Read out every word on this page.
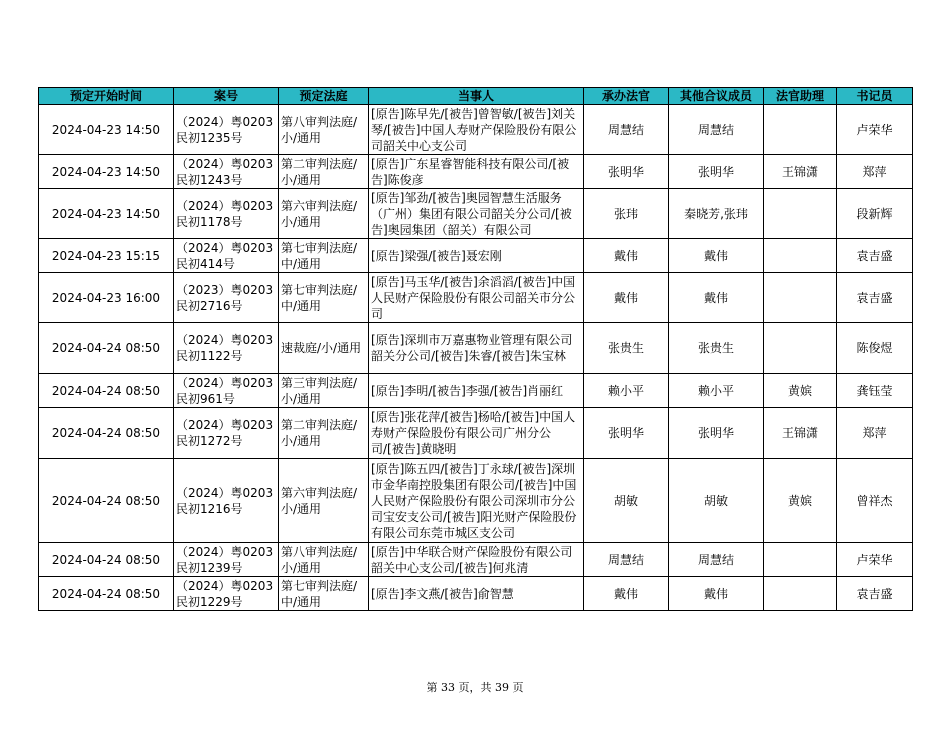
预定开始时间	案号	预定法庭	当事人	承办法官	其他合议成员	法官助理	书记员
2024-04-23 14:50	（2024）粤0203民初1235号	第八审判法庭/小/通用	[原告]陈早先/[被告]曾智敏/[被告]刘关琴/[被告]中国人寿财产保险股份有限公司韶关中心支公司	周慧结	周慧结		卢荣华
2024-04-23 14:50	（2024）粤0203民初1243号	第二审判法庭/小/通用	[原告]广东星睿智能科技有限公司/[被告]陈俊彦	张明华	张明华	王锦潇	郑萍
2024-04-23 14:50	（2024）粤0203民初1178号	第六审判法庭/小/通用	[原告]邹劲/[被告]奥园智慧生活服务（广州）集团有限公司韶关分公司/[被告]奥园集团（韶关）有限公司	张玮	秦晓芳,张玮		段新辉
2024-04-23 15:15	（2024）粤0203民初414号	第七审判法庭/中/通用	[原告]梁强/[被告]聂宏刚	戴伟	戴伟		袁吉盛
2024-04-23 16:00	（2023）粤0203民初2716号	第七审判法庭/中/通用	[原告]马玉华/[被告]余滔滔/[被告]中国人民财产保险股份有限公司韶关市分公司	戴伟	戴伟		袁吉盛
2024-04-24 08:50	（2024）粤0203民初1122号	速裁庭/小/通用	[原告]深圳市万嘉惠物业管理有限公司韶关分公司/[被告]朱睿/[被告]朱宝林	张贵生	张贵生		陈俊煜
2024-04-24 08:50	（2024）粤0203民初961号	第三审判法庭/小/通用	[原告]李明/[被告]李强/[被告]肖丽红	赖小平	赖小平	黄嫔	龚钰莹
2024-04-24 08:50	（2024）粤0203民初1272号	第二审判法庭/小/通用	[原告]张花萍/[被告]杨哈/[被告]中国人寿财产保险股份有限公司广州分公司/[被告]黄晓明	张明华	张明华	王锦潇	郑萍
2024-04-24 08:50	（2024）粤0203民初1216号	第六审判法庭/小/通用	[原告]陈五四/[被告]丁永球/[被告]深圳市金华南控股集团有限公司/[被告]中国人民财产保险股份有限公司深圳市分公司宝安支公司/[被告]阳光财产保险股份有限公司东莞市城区支公司	胡敏	胡敏	黄嫔	曾祥杰
2024-04-24 08:50	（2024）粤0203民初1239号	第八审判法庭/小/通用	[原告]中华联合财产保险股份有限公司韶关中心支公司/[被告]何兆清	周慧结	周慧结		卢荣华
2024-04-24 08:50	（2024）粤0203民初1229号	第七审判法庭/中/通用	[原告]李文燕/[被告]俞智慧	戴伟	戴伟		袁吉盛
第 33 页，共 39 页
